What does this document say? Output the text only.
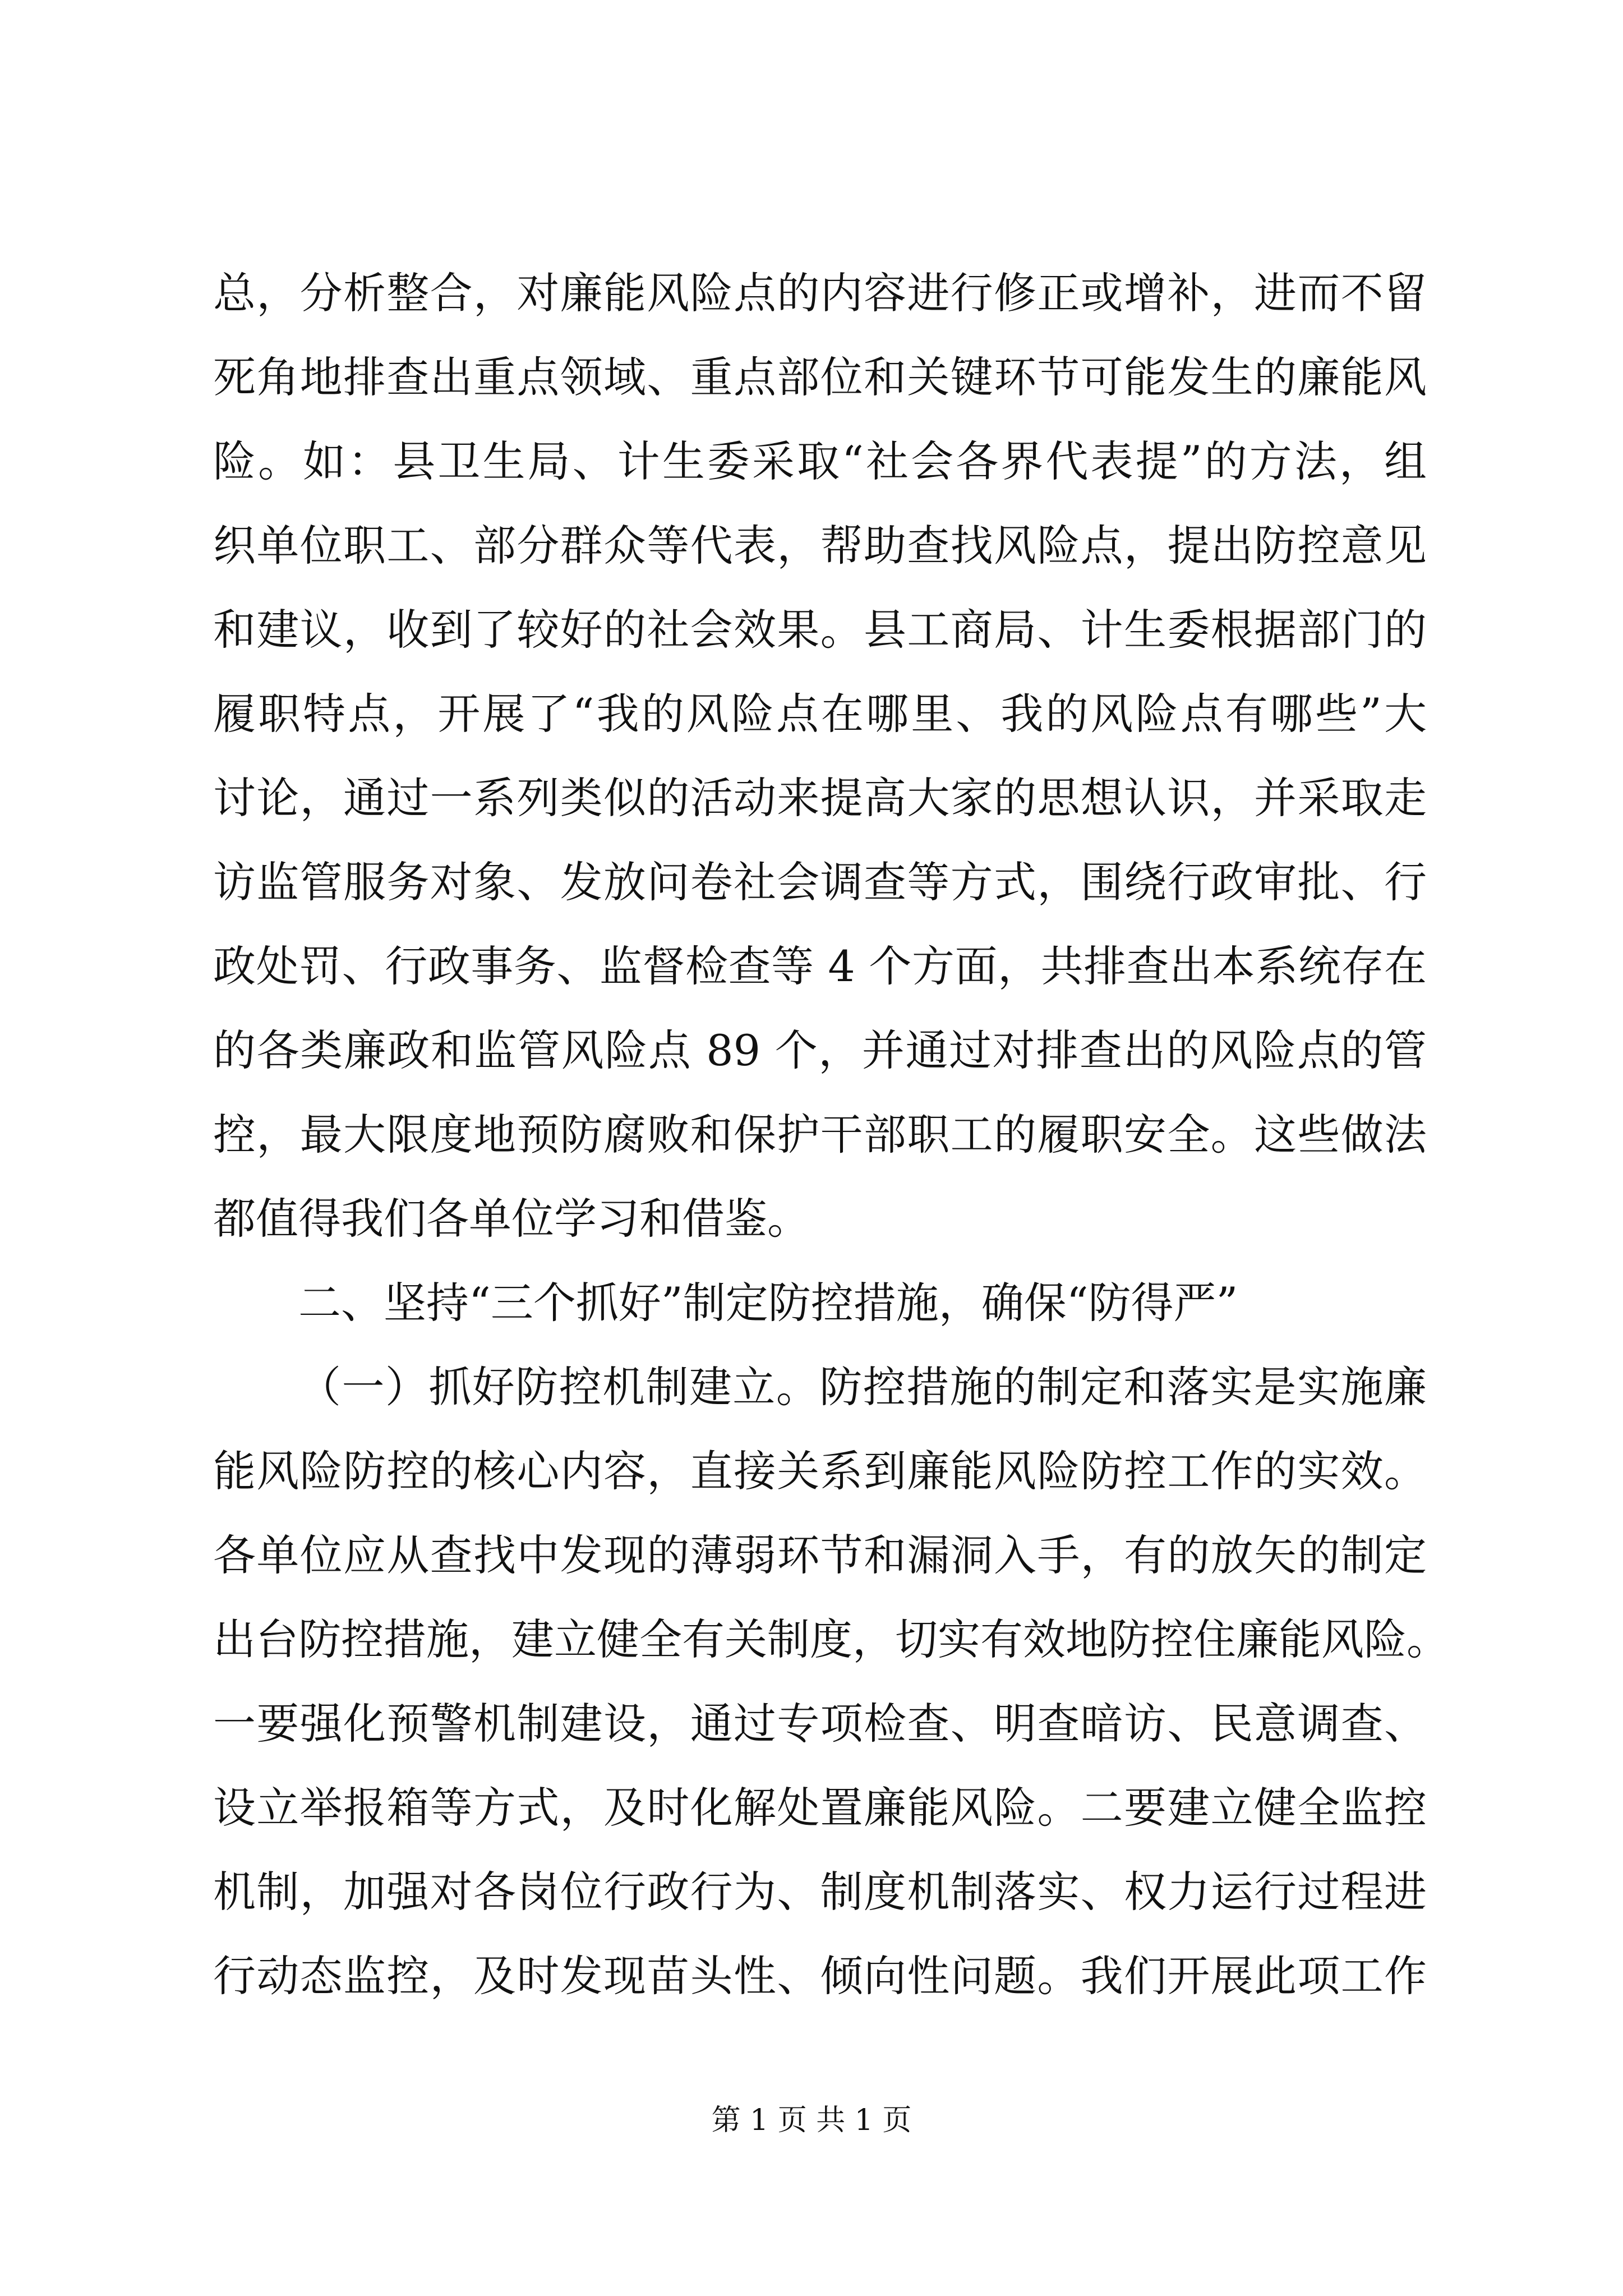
总，分析整合，对廉能风险点的内容进行修正或增补，进而不留
死角地排查出重点领域、重点部位和关键环节可能发生的廉能风
险。如：县卫生局、计生委采取“社会各界代表提”的方法，组
织单位职工、部分群众等代表，帮助查找风险点，提出防控意见
和建议，收到了较好的社会效果。县工商局、计生委根据部门的
履职特点，开展了“我的风险点在哪里、我的风险点有哪些”大
讨论，通过一系列类似的活动来提高大家的思想认识，并采取走
访监管服务对象、发放问卷社会调查等方式，围绕行政审批、行
政处罚、行政事务、监督检查等 4 个方面，共排查出本系统存在
的各类廉政和监管风险点 89 个，并通过对排查出的风险点的管
控，最大限度地预防腐败和保护干部职工的履职安全。这些做法
都值得我们各单位学习和借鉴。
二、坚持“三个抓好”制定防控措施，确保“防得严”
（一）抓好防控机制建立。防控措施的制定和落实是实施廉
能风险防控的核心内容，直接关系到廉能风险防控工作的实效。
各单位应从查找中发现的薄弱环节和漏洞入手，有的放矢的制定
出台防控措施，建立健全有关制度，切实有效地防控住廉能风险。
一要强化预警机制建设，通过专项检查、明查暗访、民意调查、
设立举报箱等方式，及时化解处置廉能风险。二要建立健全监控
机制，加强对各岗位行政行为、制度机制落实、权力运行过程进
行动态监控，及时发现苗头性、倾向性问题。我们开展此项工作
第 1 页 共 1 页
